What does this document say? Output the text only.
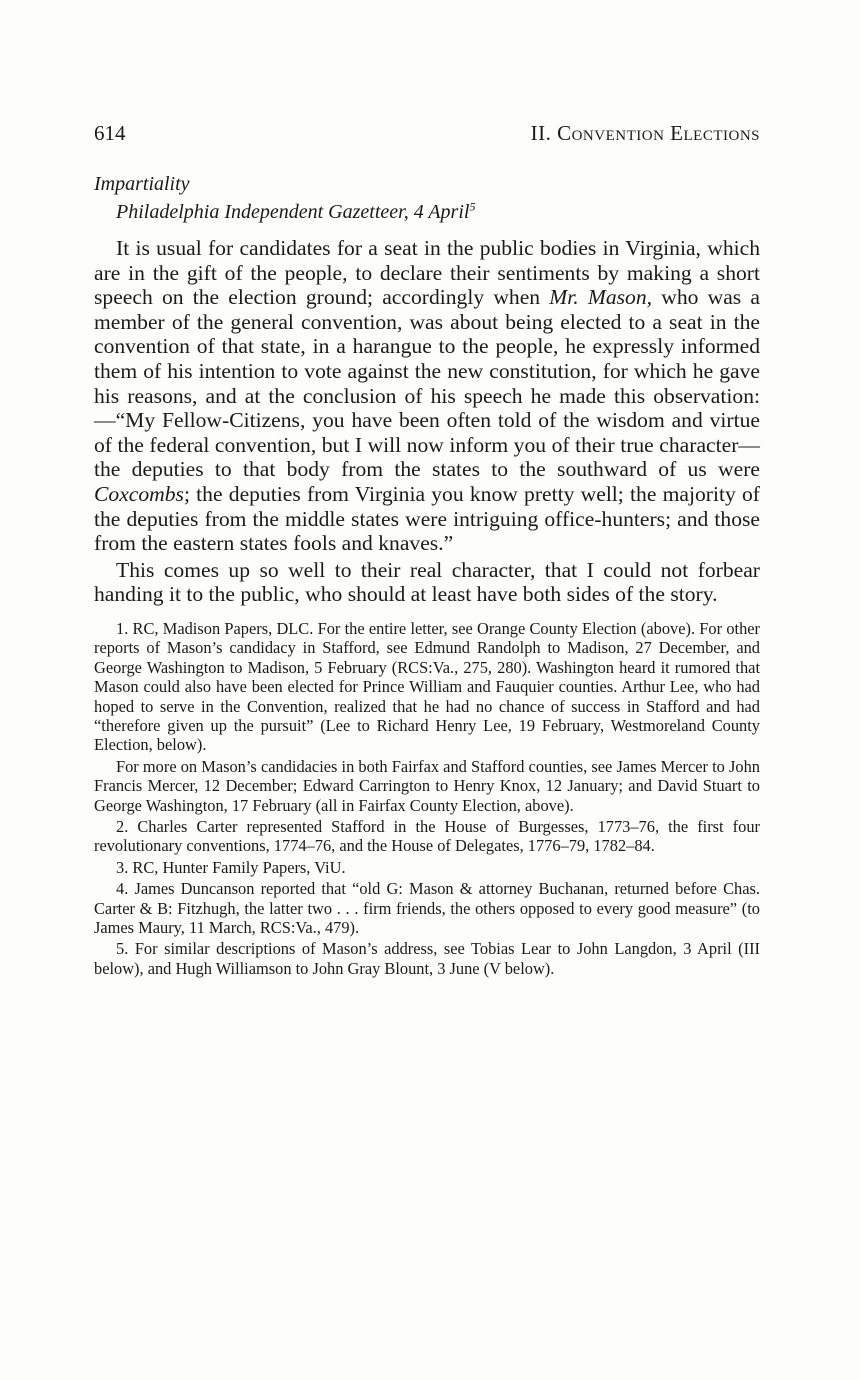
614	II. Convention Elections
Impartiality
Philadelphia Independent Gazetteer, 4 April$^5$

It is usual for candidates for a seat in the public bodies in Virginia, which are in the gift of the people, to declare their sentiments by making a short speech on the election ground; accordingly when Mr. Mason, who was a member of the general convention, was about being elected to a seat in the convention of that state, in a harangue to the people, he expressly informed them of his intention to vote against the new constitution, for which he gave his reasons, and at the conclusion of his speech he made this observation:—“My Fellow-Citizens, you have been often told of the wisdom and virtue of the federal convention, but I will now inform you of their true character—the deputies to that body from the states to the southward of us were Coxcombs; the deputies from Virginia you know pretty well; the majority of the deputies from the middle states were intriguing office-hunters; and those from the eastern states fools and knaves.”

This comes up so well to their real character, that I could not forbear handing it to the public, who should at least have both sides of the story.

1. RC, Madison Papers, DLC. For the entire letter, see Orange County Election (above). For other reports of Mason’s candidacy in Stafford, see Edmund Randolph to Madison, 27 December, and George Washington to Madison, 5 February (RCS:Va., 275, 280). Washington heard it rumored that Mason could also have been elected for Prince William and Fauquier counties. Arthur Lee, who had hoped to serve in the Convention, realized that he had no chance of success in Stafford and had “therefore given up the pursuit” (Lee to Richard Henry Lee, 19 February, Westmoreland County Election, below).

For more on Mason’s candidacies in both Fairfax and Stafford counties, see James Mercer to John Francis Mercer, 12 December; Edward Carrington to Henry Knox, 12 January; and David Stuart to George Washington, 17 February (all in Fairfax County Election, above).

2. Charles Carter represented Stafford in the House of Burgesses, 1773–76, the first four revolutionary conventions, 1774–76, and the House of Delegates, 1776–79, 1782–84.

3. RC, Hunter Family Papers, ViU.

4. James Duncanson reported that “old G: Mason & attorney Buchanan, returned before Chas. Carter & B: Fitzhugh, the latter two . . . firm friends, the others opposed to every good measure” (to James Maury, 11 March, RCS:Va., 479).

5. For similar descriptions of Mason’s address, see Tobias Lear to John Langdon, 3 April (III below), and Hugh Williamson to John Gray Blount, 3 June (V below).
